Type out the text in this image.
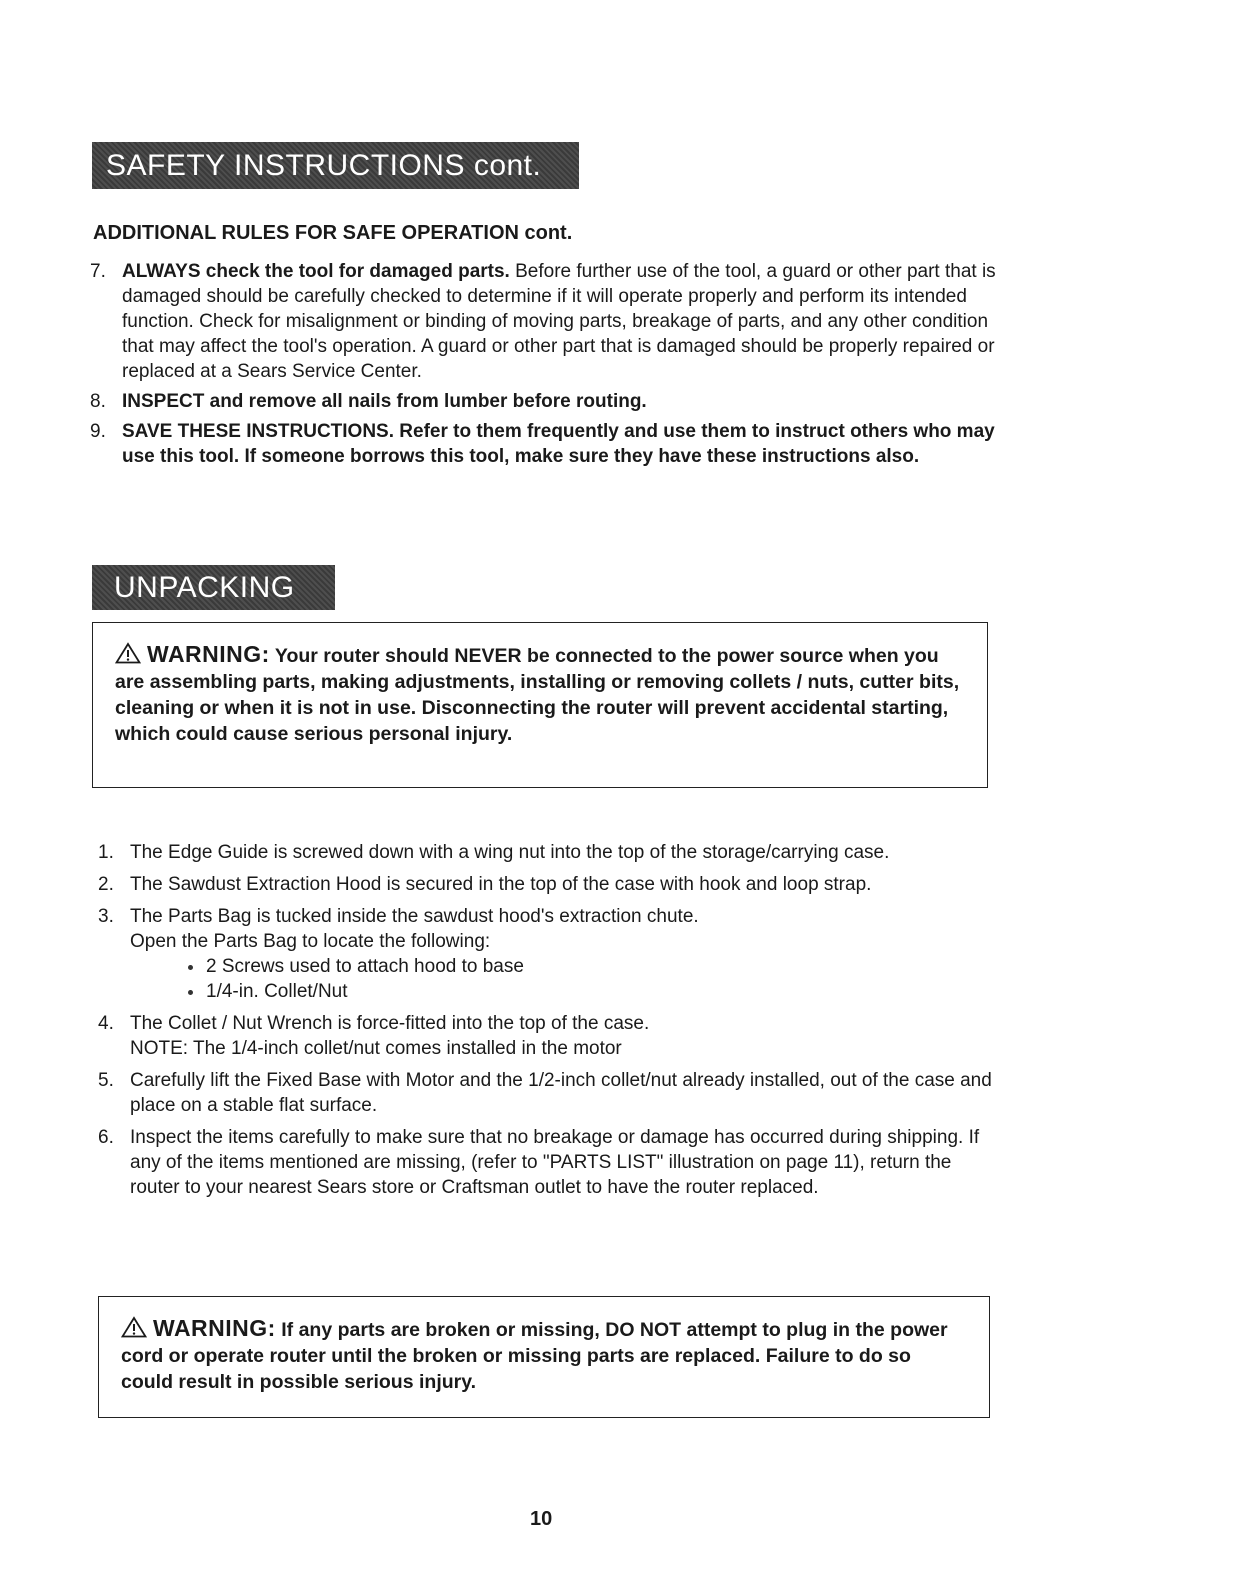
SAFETY INSTRUCTIONS cont.
ADDITIONAL RULES FOR SAFE OPERATION cont.
7. ALWAYS check the tool for damaged parts. Before further use of the tool, a guard or other part that is damaged should be carefully checked to determine if it will operate properly and perform its intended function. Check for misalignment or binding of moving parts, breakage of parts, and any other condition that may affect the tool's operation. A guard or other part that is damaged should be properly repaired or replaced at a Sears Service Center.
8. INSPECT and remove all nails from lumber before routing.
9. SAVE THESE INSTRUCTIONS. Refer to them frequently and use them to instruct others who may use this tool. If someone borrows this tool, make sure they have these instructions also.
UNPACKING

WARNING: Your router should NEVER be connected to the power source when you are assembling parts, making adjustments, installing or removing collets / nuts, cutter bits, cleaning or when it is not in use. Disconnecting the router will prevent accidental starting, which could cause serious personal injury.

1. The Edge Guide is screwed down with a wing nut into the top of the storage/carrying case.
2. The Sawdust Extraction Hood is secured in the top of the case with hook and loop strap.
3. The Parts Bag is tucked inside the sawdust hood's extraction chute.
Open the Parts Bag to locate the following:
2 Screws used to attach hood to base
1/4-in. Collet/Nut
4. The Collet / Nut Wrench is force-fitted into the top of the case.
NOTE: The 1/4-inch collet/nut comes installed in the motor
5. Carefully lift the Fixed Base with Motor and the 1/2-inch collet/nut already installed, out of the case and place on a stable flat surface.
6. Inspect the items carefully to make sure that no breakage or damage has occurred during shipping. If any of the items mentioned are missing, (refer to "PARTS LIST" illustration on page 11), return the router to your nearest Sears store or Craftsman outlet to have the router replaced.

WARNING: If any parts are broken or missing, DO NOT attempt to plug in the power cord or operate router until the broken or missing parts are replaced. Failure to do so could result in possible serious injury.

10
